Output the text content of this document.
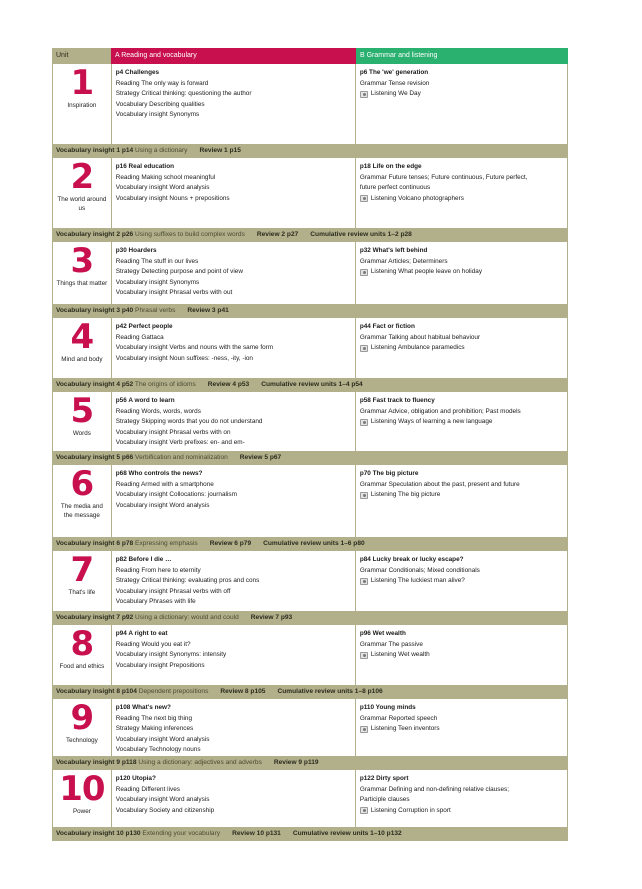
Unit	A Reading and vocabulary	B Grammar and listening
1
Inspiration
p4 Challenges
Reading The only way is forward
Strategy Critical thinking: questioning the author
Vocabulary Describing qualities
Vocabulary insight Synonyms
p6 The 'we' generation
Grammar Tense revision
Listening We Day
Vocabulary insight 1 p14 Using a dictionary Review 1 p15
2
The world around us
p16 Real education
Reading Making school meaningful
Vocabulary insight Word analysis
Vocabulary insight Nouns + prepositions
p18 Life on the edge
Grammar Future tenses; Future continuous, Future perfect,
future perfect continuous
Listening Volcano photographers
Vocabulary insight 2 p26 Using suffixes to build complex words Review 2 p27 Cumulative review units 1–2 p28
3
Things that matter
p30 Hoarders
Reading The stuff in our lives
Strategy Detecting purpose and point of view
Vocabulary insight Synonyms
Vocabulary insight Phrasal verbs with out
p32 What's left behind
Grammar Articles; Determiners
Listening What people leave on holiday
Vocabulary insight 3 p40 Phrasal verbs Review 3 p41
4
Mind and body
p42 Perfect people
Reading Gattaca
Vocabulary insight Verbs and nouns with the same form
Vocabulary insight Noun suffixes: -ness, -ity, -ion
p44 Fact or fiction
Grammar Talking about habitual behaviour
Listening Ambulance paramedics
Vocabulary insight 4 p52 The origins of idioms Review 4 p53 Cumulative review units 1–4 p54
5
Words
p56 A word to learn
Reading Words, words, words
Strategy Skipping words that you do not understand
Vocabulary insight Phrasal verbs with on
Vocabulary insight Verb prefixes: en- and em-
p58 Fast track to fluency
Grammar Advice, obligation and prohibition; Past models
Listening Ways of learning a new language
Vocabulary insight 5 p66 Verbification and nominalization Review 5 p67
6
The media and the message
p68 Who controls the news?
Reading Armed with a smartphone
Vocabulary insight Collocations: journalism
Vocabulary insight Word analysis
p70 The big picture
Grammar Speculation about the past, present and future
Listening The big picture
Vocabulary insight 6 p78 Expressing emphasis Review 6 p79 Cumulative review units 1–6 p80
7
That's life
p82 Before I die …
Reading From here to eternity
Strategy Critical thinking: evaluating pros and cons
Vocabulary insight Phrasal verbs with off
Vocabulary Phrases with life
p84 Lucky break or lucky escape?
Grammar Conditionals; Mixed conditionals
Listening The luckiest man alive?
Vocabulary insight 7 p92 Using a dictionary: would and could Review 7 p93
8
Food and ethics
p94 A right to eat
Reading Would you eat it?
Vocabulary insight Synonyms: intensity
Vocabulary insight Prepositions
p96 Wet wealth
Grammar The passive
Listening Wet wealth
Vocabulary insight 8 p104 Dependent prepositions Review 8 p105 Cumulative review units 1–8 p106
9
Technology
p108 What's new?
Reading The next big thing
Strategy Making inferences
Vocabulary insight Word analysis
Vocabulary Technology nouns
p110 Young minds
Grammar Reported speech
Listening Teen inventors
Vocabulary insight 9 p118 Using a dictionary: adjectives and adverbs Review 9 p119
10
Power
p120 Utopia?
Reading Different lives
Vocabulary insight Word analysis
Vocabulary Society and citizenship
p122 Dirty sport
Grammar Defining and non-defining relative clauses;
Participle clauses
Listening Corruption in sport
Vocabulary insight 10 p130 Extending your vocabulary Review 10 p131 Cumulative review units 1–10 p132
